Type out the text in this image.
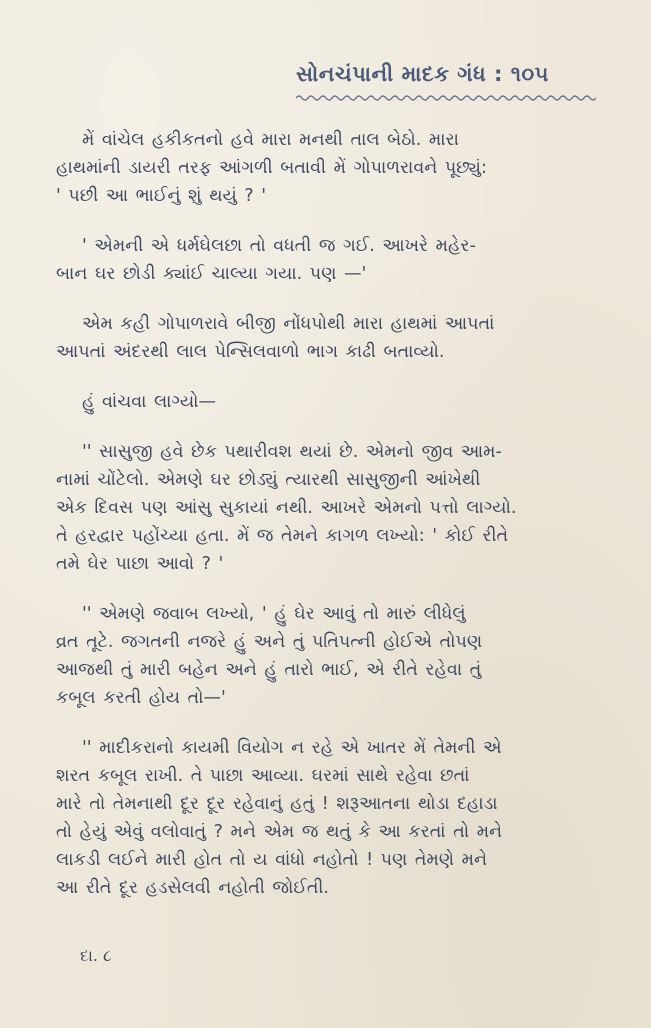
સોનચંપાની માદક ગંધ : ૧૦૫

મેં વાંચેલ હકીકતનો હવે મારા મનથી તાલ બેઠો. મારા
હાથમાંની ડાયરી તરફ આંગળી બતાવી મેં ગોપાળરાવને પૂછ્યું:
' પછી આ ભાઈનું શું થયું ? '

' એમની એ ધર્મઘેલછા તો વધતી જ ગઈ. આખરે મહેર-
બાન ઘર છોડી ક્યાંઈ ચાલ્યા ગયા. પણ —'

એમ કહી ગોપાળરાવે બીજી નોંધપોથી મારા હાથમાં આપતાં
આપતાં અંદરથી લાલ પેન્સિલવાળો ભાગ કાઢી બતાવ્યો.

હું વાંચવા લાગ્યો—

'' સાસુજી હવે છેક પથારીવશ થયાં છે. એમનો જીવ આમ-
નામાં ચોંટેલો. એમણે ઘર છોડ્યું ત્યારથી સાસુજીની આંખેથી
એક દિવસ પણ આંસુ સુકાયાં નથી. આખરે એમનો પત્તો લાગ્યો.
તે હરદ્વાર પહોંચ્યા હતા. મેં જ તેમને કાગળ લખ્યો: ' કોઈ રીતે
તમે ઘેર પાછા આવો ? '

'' એમણે જવાબ લખ્યો, ' હું ઘેર આવું તો મારું લીધેલું
વ્રત તૂટે. જગતની નજરે હું અને તું પતિપત્ની હોઈએ તોપણ
આજથી તું મારી બહેન અને હું તારો ભાઈ, એ રીતે રહેવા તું
કબૂલ કરતી હોય તો—'

'' માદીકરાનો કાયમી વિયોગ ન રહે એ ખાતર મેં તેમની એ
શરત કબૂલ રાખી. તે પાછા આવ્યા. ઘરમાં સાથે રહેવા છતાં
મારે તો તેમનાથી દૂર દૂર રહેવાનું હતું ! શરૂઆતના થોડા દહાડા
તો હેયું એવું વલોવાતું ? મને એમ જ થતું કે આ કરતાં તો મને
લાકડી લઈને મારી હોત તો ય વાંધો નહોતો ! પણ તેમણે મને
આ રીતે દૂર હડસેલવી નહોતી જોઈતી.

દા. ૮
